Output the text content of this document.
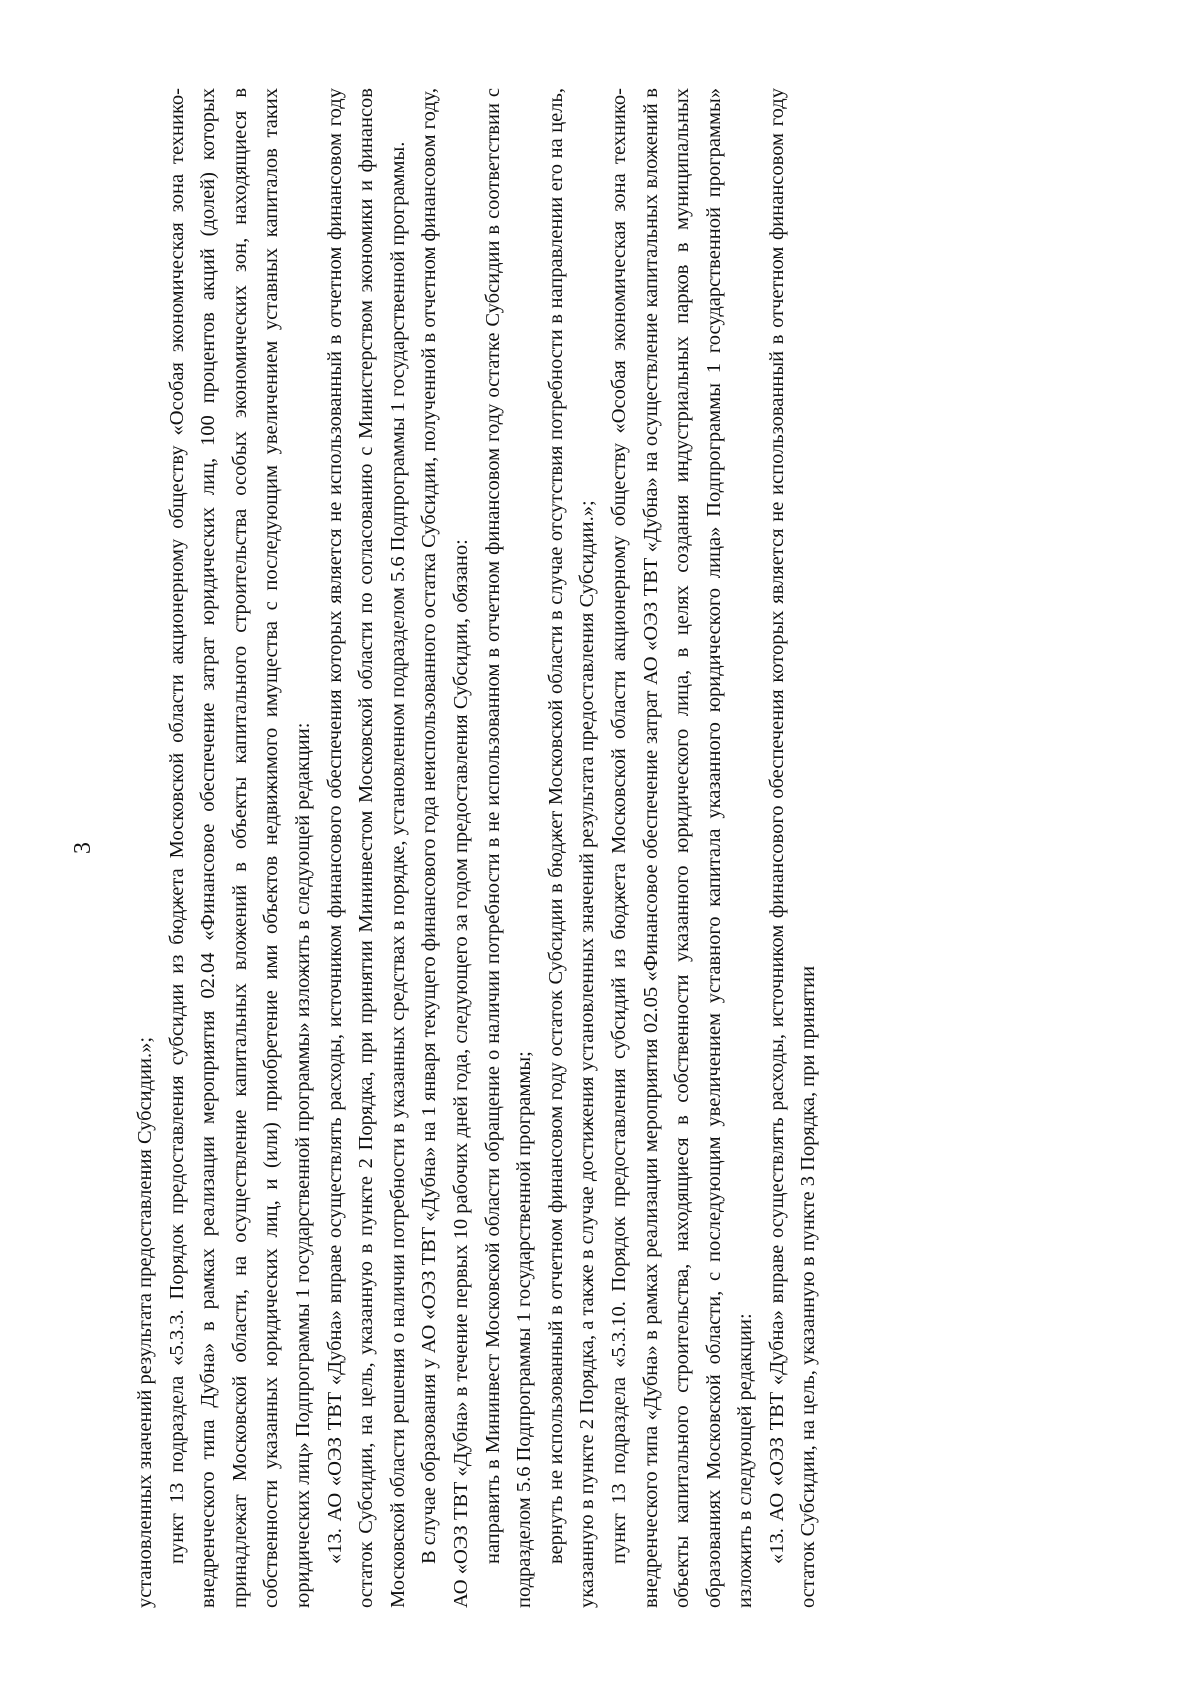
3

установленных значений результата предоставления Субсидии.»; пункт 13 подраздела «5.3.3. Порядок предоставления субсидии из бюджета Московской области акционерному обществу «Особая экономическая зона технико-внедренческого типа Дубна» в рамках реализации мероприятия 02.04 «Финансовое обеспечение затрат юридических лиц, 100 процентов акций (долей) которых принадлежат Московской области, на осуществление капитальных вложений в объекты капитального строительства особых экономических зон, находящиеся в собственности указанных юридических лиц, и (или) приобретение ими объектов недвижимого имущества с последующим увеличением уставных капиталов таких юридических лиц» Подпрограммы 1 государственной программы» изложить в следующей редакции: «13. АО «ОЭЗ ТВТ «Дубна» вправе осуществлять расходы, источником финансового обеспечения которых является не использованный в отчетном финансовом году остаток Субсидии, на цель, указанную в пункте 2 Порядка, при принятии Мининвестом Московской области по согласованию с Министерством экономики и финансов Московской области решения о наличии потребности в указанных средствах в порядке, установленном подразделом 5.6 Подпрограммы 1 государственной программы. В случае образования у АО «ОЭЗ ТВТ «Дубна» на 1 января текущего финансового года неиспользованного остатка Субсидии, полученной в отчетном финансовом году, АО «ОЭЗ ТВТ «Дубна» в течение первых 10 рабочих дней года, следующего за годом предоставления Субсидии, обязано: направить в Мининвест Московской области обращение о наличии потребности в не использованном в отчетном финансовом году остатке Субсидии в соответствии с подразделом 5.6 Подпрограммы 1 государственной программы; вернуть не использованный в отчетном финансовом году остаток Субсидии в бюджет Московской области в случае отсутствия потребности в направлении его на цель, указанную в пункте 2 Порядка, а также в случае достижения установленных значений результата предоставления Субсидии.»; пункт 13 подраздела «5.3.10. Порядок предоставления субсидий из бюджета Московской области акционерному обществу «Особая экономическая зона технико-внедренческого типа «Дубна» в рамках реализации мероприятия 02.05 «Финансовое обеспечение затрат АО «ОЭЗ ТВТ «Дубна» на осуществление капитальных вложений в объекты капитального строительства, находящиеся в собственности указанного юридического лица, в целях создания индустриальных парков в муниципальных образованиях Московской области, с последующим увеличением уставного капитала указанного юридического лица» Подпрограммы 1 государственной программы» изложить в следующей редакции: «13. АО «ОЭЗ ТВТ «Дубна» вправе осуществлять расходы, источником финансового обеспечения которых является не использованный в отчетном финансовом году остаток Субсидии, на цель, указанную в пункте 3 Порядка, при принятии
